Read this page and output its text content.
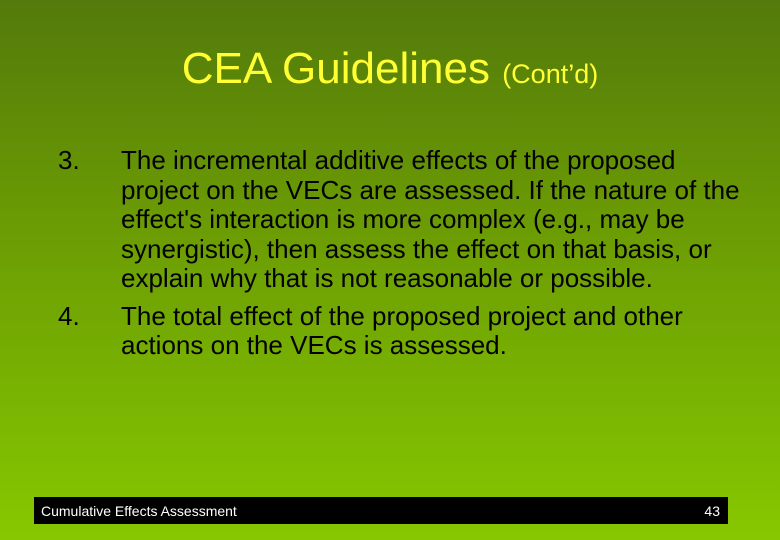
CEA Guidelines (Cont’d)
3.	The incremental additive effects of the proposed project on the VECs are assessed. If the nature of the effect's interaction is more complex (e.g., may be synergistic), then assess the effect on that basis, or explain why that is not reasonable or possible.
4.	The total effect of the proposed project and other actions on the VECs is assessed.
Cumulative Effects Assessment	43
